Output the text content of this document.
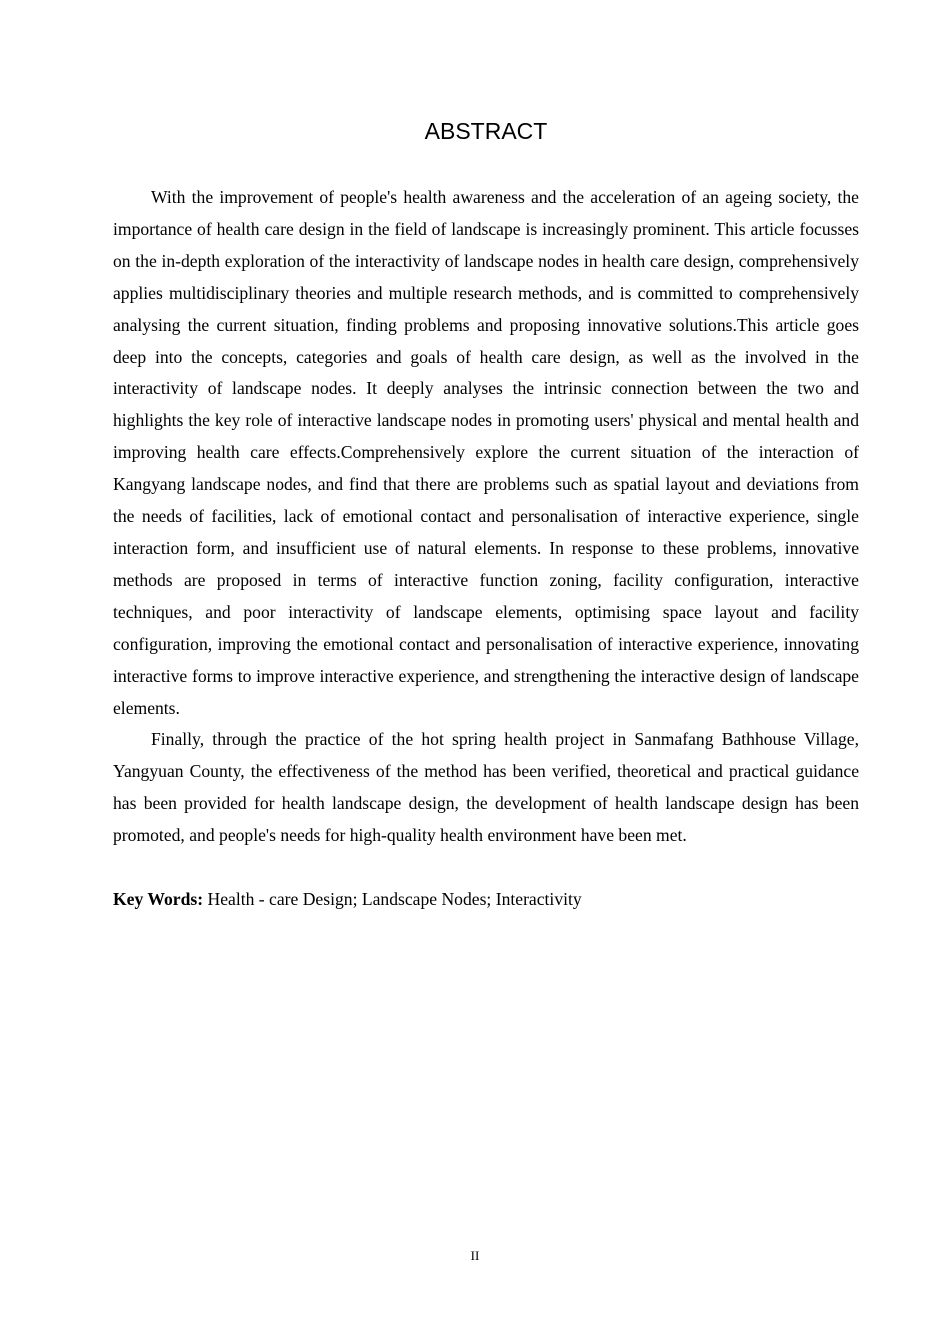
ABSTRACT

With the improvement of people's health awareness and the acceleration of an ageing society, the importance of health care design in the field of landscape is increasingly prominent. This article focusses on the in-depth exploration of the interactivity of landscape nodes in health care design, comprehensively applies multidisciplinary theories and multiple research methods, and is committed to comprehensively analysing the current situation, finding problems and proposing innovative solutions.This article goes deep into the concepts, categories and goals of health care design, as well as the involved in the interactivity of landscape nodes. It deeply analyses the intrinsic connection between the two and highlights the key role of interactive landscape nodes in promoting users' physical and mental health and improving health care effects.Comprehensively explore the current situation of the interaction of Kangyang landscape nodes, and find that there are problems such as spatial layout and deviations from the needs of facilities, lack of emotional contact and personalisation of interactive experience, single interaction form, and insufficient use of natural elements. In response to these problems, innovative methods are proposed in terms of interactive function zoning, facility configuration, interactive techniques, and poor interactivity of landscape elements, optimising space layout and facility configuration, improving the emotional contact and personalisation of interactive experience, innovating interactive forms to improve interactive experience, and strengthening the interactive design of landscape elements.

Finally, through the practice of the hot spring health project in Sanmafang Bathhouse Village, Yangyuan County, the effectiveness of the method has been verified, theoretical and practical guidance has been provided for health landscape design, the development of health landscape design has been promoted, and people's needs for high-quality health environment have been met.

Key Words: Health - care Design; Landscape Nodes; Interactivity
II
